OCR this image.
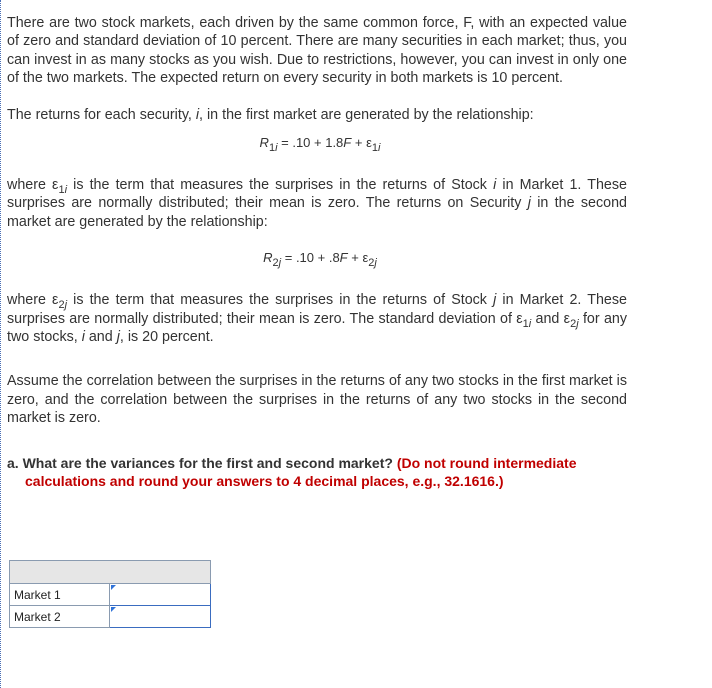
There are two stock markets, each driven by the same common force, F, with an expected value of zero and standard deviation of 10 percent. There are many securities in each market; thus, you can invest in as many stocks as you wish. Due to restrictions, however, you can invest in only one of the two markets. The expected return on every security in both markets is 10 percent.

The returns for each security, i, in the first market are generated by the relationship:

$R_{1i} = .10 + 1.8F + \varepsilon_{1i}$

where $\varepsilon_{1i}$ is the term that measures the surprises in the returns of Stock i in Market 1. These surprises are normally distributed; their mean is zero. The returns on Security j in the second market are generated by the relationship:

$R_{2j} = .10 + .8F + \varepsilon_{2j}$

where $\varepsilon_{2j}$ is the term that measures the surprises in the returns of Stock j in Market 2. These surprises are normally distributed; their mean is zero. The standard deviation of $\varepsilon_{1i}$ and $\varepsilon_{2j}$ for any two stocks, i and j, is 20 percent.

Assume the correlation between the surprises in the returns of any two stocks in the first market is zero, and the correlation between the surprises in the returns of any two stocks in the second market is zero.

a. What are the variances for the first and second market? (Do not round intermediate calculations and round your answers to 4 decimal places, e.g., 32.1616.)

Market 1	

Market 2	
